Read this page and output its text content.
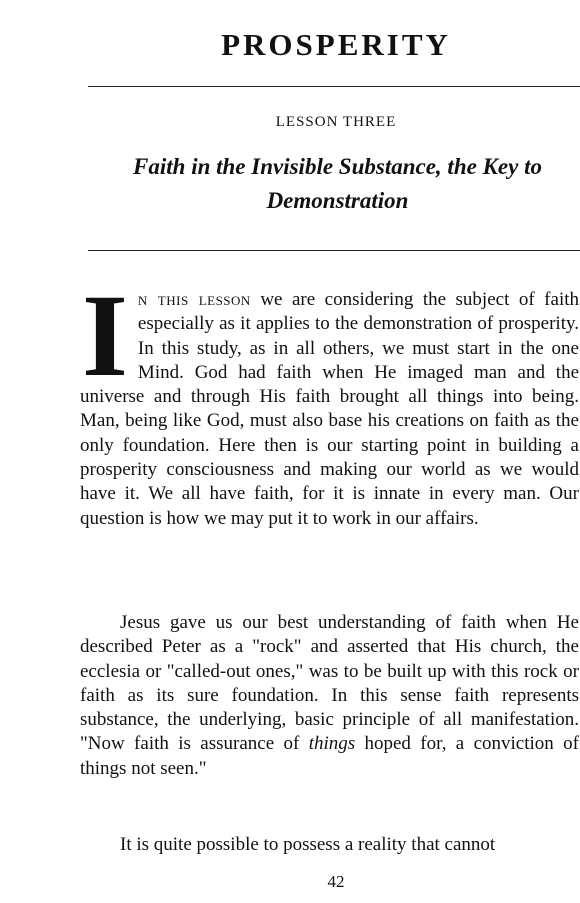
PROSPERITY
LESSON THREE
Faith in the Invisible Substance, the Key to Demonstration

In this lesson we are considering the subject of faith especially as it applies to the demonstration of prosperity. In this study, as in all others, we must start in the one Mind. God had faith when He imaged man and the universe and through His faith brought all things into being. Man, being like God, must also base his creations on faith as the only foundation. Here then is our starting point in building a prosperity consciousness and making our world as we would have it. We all have faith, for it is innate in every man. Our question is how we may put it to work in our affairs.

Jesus gave us our best understanding of faith when He described Peter as a "rock" and asserted that His church, the ecclesia or "called-out ones," was to be built up with this rock or faith as its sure foundation. In this sense faith represents substance, the underlying, basic principle of all manifestation. "Now faith is assurance of things hoped for, a conviction of things not seen."

It is quite possible to possess a reality that cannot

42
